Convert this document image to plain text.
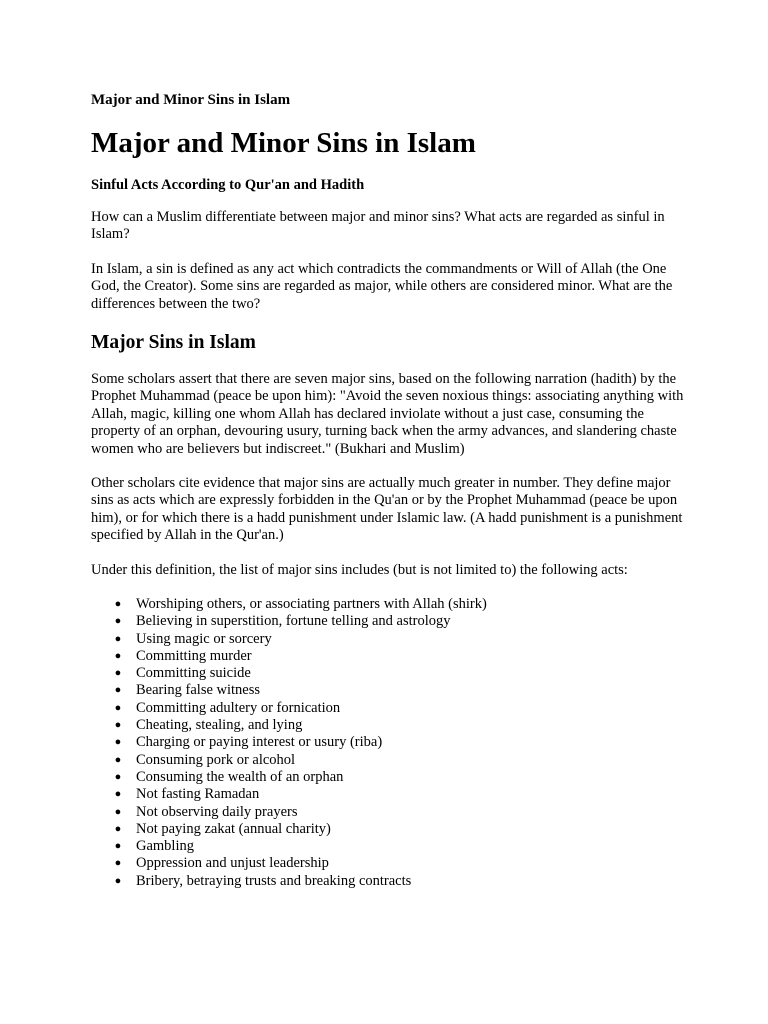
Major and Minor Sins in Islam
Major and Minor Sins in Islam
Sinful Acts According to Qur'an and Hadith

How can a Muslim differentiate between major and minor sins? What acts are regarded as sinful in Islam?

In Islam, a sin is defined as any act which contradicts the commandments or Will of Allah (the One God, the Creator). Some sins are regarded as major, while others are considered minor. What are the differences between the two?

Major Sins in Islam

Some scholars assert that there are seven major sins, based on the following narration (hadith) by the Prophet Muhammad (peace be upon him): "Avoid the seven noxious things: associating anything with Allah, magic, killing one whom Allah has declared inviolate without a just case, consuming the property of an orphan, devouring usury, turning back when the army advances, and slandering chaste women who are believers but indiscreet." (Bukhari and Muslim)

Other scholars cite evidence that major sins are actually much greater in number. They define major sins as acts which are expressly forbidden in the Qu'an or by the Prophet Muhammad (peace be upon him), or for which there is a hadd punishment under Islamic law. (A hadd punishment is a punishment specified by Allah in the Qur'an.)

Under this definition, the list of major sins includes (but is not limited to) the following acts:

● Worshiping others, or associating partners with Allah (shirk)
● Believing in superstition, fortune telling and astrology
● Using magic or sorcery
● Committing murder
● Committing suicide
● Bearing false witness
● Committing adultery or fornication
● Cheating, stealing, and lying
● Charging or paying interest or usury (riba)
● Consuming pork or alcohol
● Consuming the wealth of an orphan
● Not fasting Ramadan
● Not observing daily prayers
● Not paying zakat (annual charity)
● Gambling
● Oppression and unjust leadership
● Bribery, betraying trusts and breaking contracts
